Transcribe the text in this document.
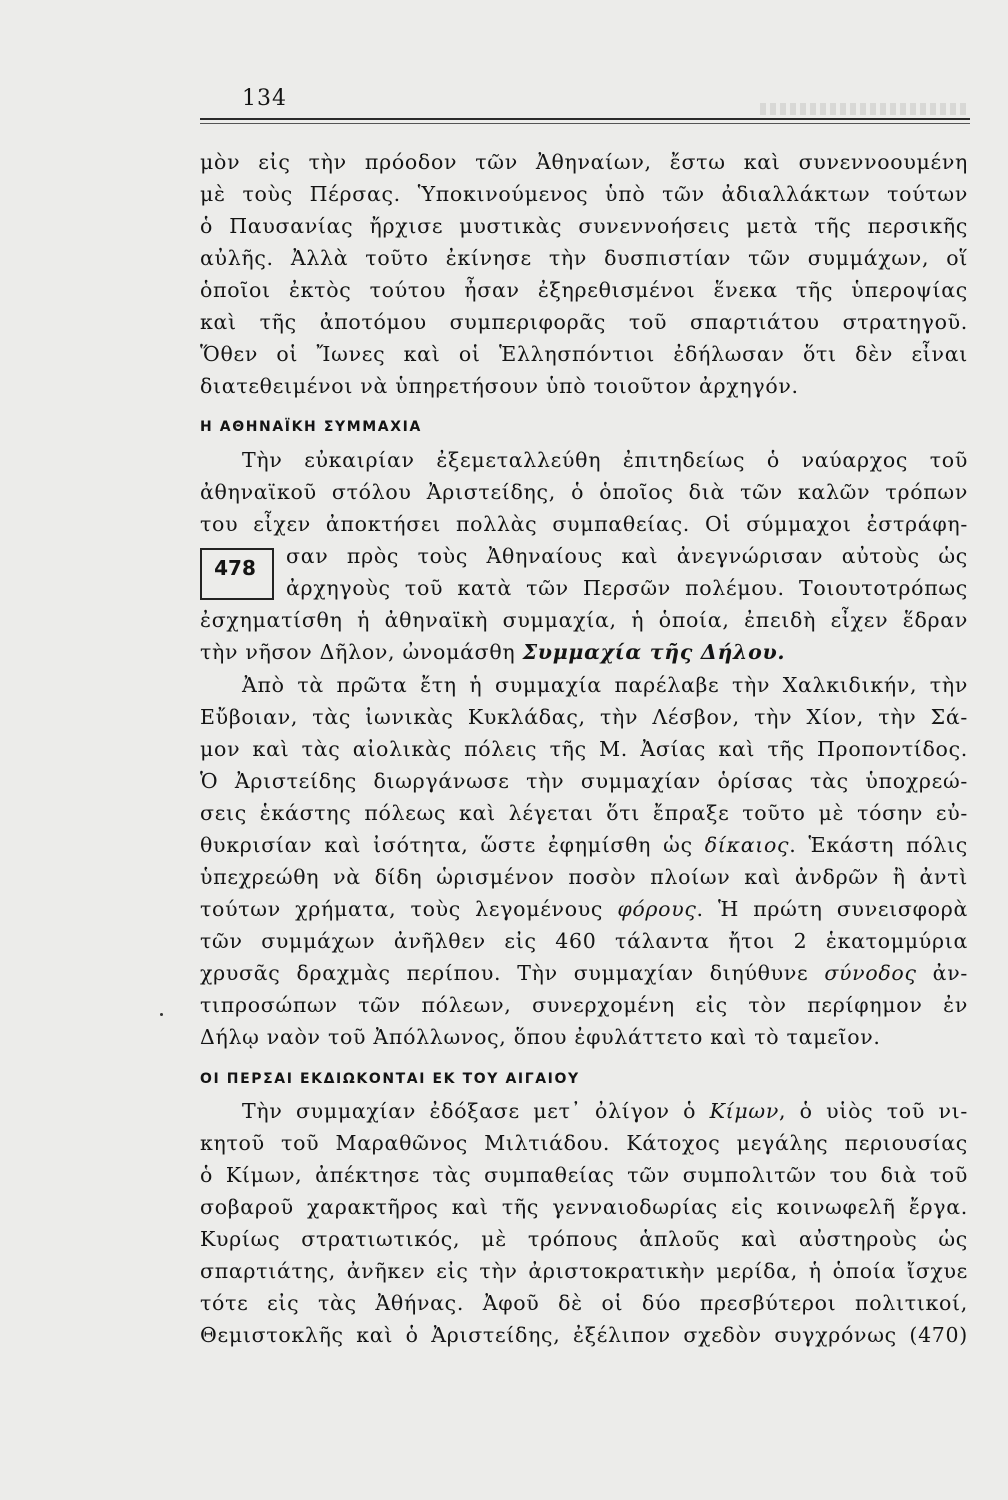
134
μὸν εἰς τὴν πρόοδον τῶν Ἀθηναίων, ἔστω καὶ συνεννοουμένη
μὲ τοὺς Πέρσας. Ὑποκινούμενος ὑπὸ τῶν ἀδιαλλάκτων τούτων
ὁ Παυσανίας ἤρχισε μυστικὰς συνεννοήσεις μετὰ τῆς περσικῆς
αὐλῆς. Ἀλλὰ τοῦτο ἐκίνησε τὴν δυσπιστίαν τῶν συμμάχων, οἵ
ὁποῖοι ἐκτὸς τούτου ἦσαν ἐξηρεθισμένοι ἕνεκα τῆς ὑπεροψίας
καὶ τῆς ἀποτόμου συμπεριφορᾶς τοῦ σπαρτιάτου στρατηγοῦ.
Ὅθεν οἱ Ἴωνες καὶ οἱ Ἑλλησπόντιοι ἐδήλωσαν ὅτι δὲν εἶναι
διατεθειμένοι νὰ ὑπηρετήσουν ὑπὸ τοιοῦτον ἀρχηγόν.
Η ΑΘΗΝΑΪΚΗ ΣΥΜΜΑΧΙΑ
Τὴν εὐκαιρίαν ἐξεμεταλλεύθη ἐπιτηδείως ὁ ναύαρχος τοῦ
ἀθηναϊκοῦ στόλου Ἀριστείδης, ὁ ὁποῖος διὰ τῶν καλῶν τρόπων
του εἶχεν ἀποκτήσει πολλὰς συμπαθείας. Οἱ σύμμαχοι ἐστράφη-
σαν πρὸς τοὺς Ἀθηναίους καὶ ἀνεγνώρισαν αὐτοὺς ὡς
ἀρχηγοὺς τοῦ κατὰ τῶν Περσῶν πολέμου. Τοιουτοτρόπως
ἐσχηματίσθη ἡ ἀθηναϊκὴ συμμαχία, ἡ ὁποία, ἐπειδὴ εἶχεν ἕδραν
τὴν νῆσον Δῆλον, ὠνομάσθη Συμμαχία τῆς Δήλου.
478
Ἀπὸ τὰ πρῶτα ἔτη ἡ συμμαχία παρέλαβε τὴν Χαλκιδικήν, τὴν
Εὔβοιαν, τὰς ἰωνικὰς Κυκλάδας, τὴν Λέσβον, τὴν Χίον, τὴν Σά-
μον καὶ τὰς αἰολικὰς πόλεις τῆς Μ. Ἀσίας καὶ τῆς Προποντίδος.
Ὁ Ἀριστείδης διωργάνωσε τὴν συμμαχίαν ὁρίσας τὰς ὑποχρεώ-
σεις ἑκάστης πόλεως καὶ λέγεται ὅτι ἔπραξε τοῦτο μὲ τόσην εὐ-
θυκρισίαν καὶ ἰσότητα, ὥστε ἐφημίσθη ὡς δίκαιος. Ἑκάστη πόλις
ὑπεχρεώθη νὰ δίδη ὡρισμένον ποσὸν πλοίων καὶ ἀνδρῶν ἢ ἀντὶ
τούτων χρήματα, τοὺς λεγομένους φόρους. Ἡ πρώτη συνεισφορὰ
τῶν συμμάχων ἀνῆλθεν εἰς 460 τάλαντα ἤτοι 2 ἑκατομμύρια
χρυσᾶς δραχμὰς περίπου. Τὴν συμμαχίαν διηύθυνε σύνοδος ἀν-
τιπροσώπων τῶν πόλεων, συνερχομένη εἰς τὸν περίφημον ἐν
Δήλῳ ναὸν τοῦ Ἀπόλλωνος, ὅπου ἐφυλάττετο καὶ τὸ ταμεῖον.
ΟΙ ΠΕΡΣΑΙ ΕΚΔΙΩΚΟΝΤΑΙ ΕΚ ΤΟΥ ΑΙΓΑΙΟΥ
Τὴν συμμαχίαν ἐδόξασε μετ᾽ ὀλίγον ὁ Κίμων, ὁ υἱὸς τοῦ νι-
κητοῦ τοῦ Μαραθῶνος Μιλτιάδου. Κάτοχος μεγάλης περιουσίας
ὁ Κίμων, ἀπέκτησε τὰς συμπαθείας τῶν συμπολιτῶν του διὰ τοῦ
σοβαροῦ χαρακτῆρος καὶ τῆς γενναιοδωρίας εἰς κοινωφελῆ ἔργα.
Κυρίως στρατιωτικός, μὲ τρόπους ἁπλοῦς καὶ αὐστηροὺς ὡς
σπαρτιάτης, ἀνῆκεν εἰς τὴν ἀριστοκρατικὴν μερίδα, ἡ ὁποία ἴσχυε
τότε εἰς τὰς Ἀθήνας. Ἀφοῦ δὲ οἱ δύο πρεσβύτεροι πολιτικοί,
Θεμιστοκλῆς καὶ ὁ Ἀριστείδης, ἐξέλιπον σχεδὸν συγχρόνως (470)
